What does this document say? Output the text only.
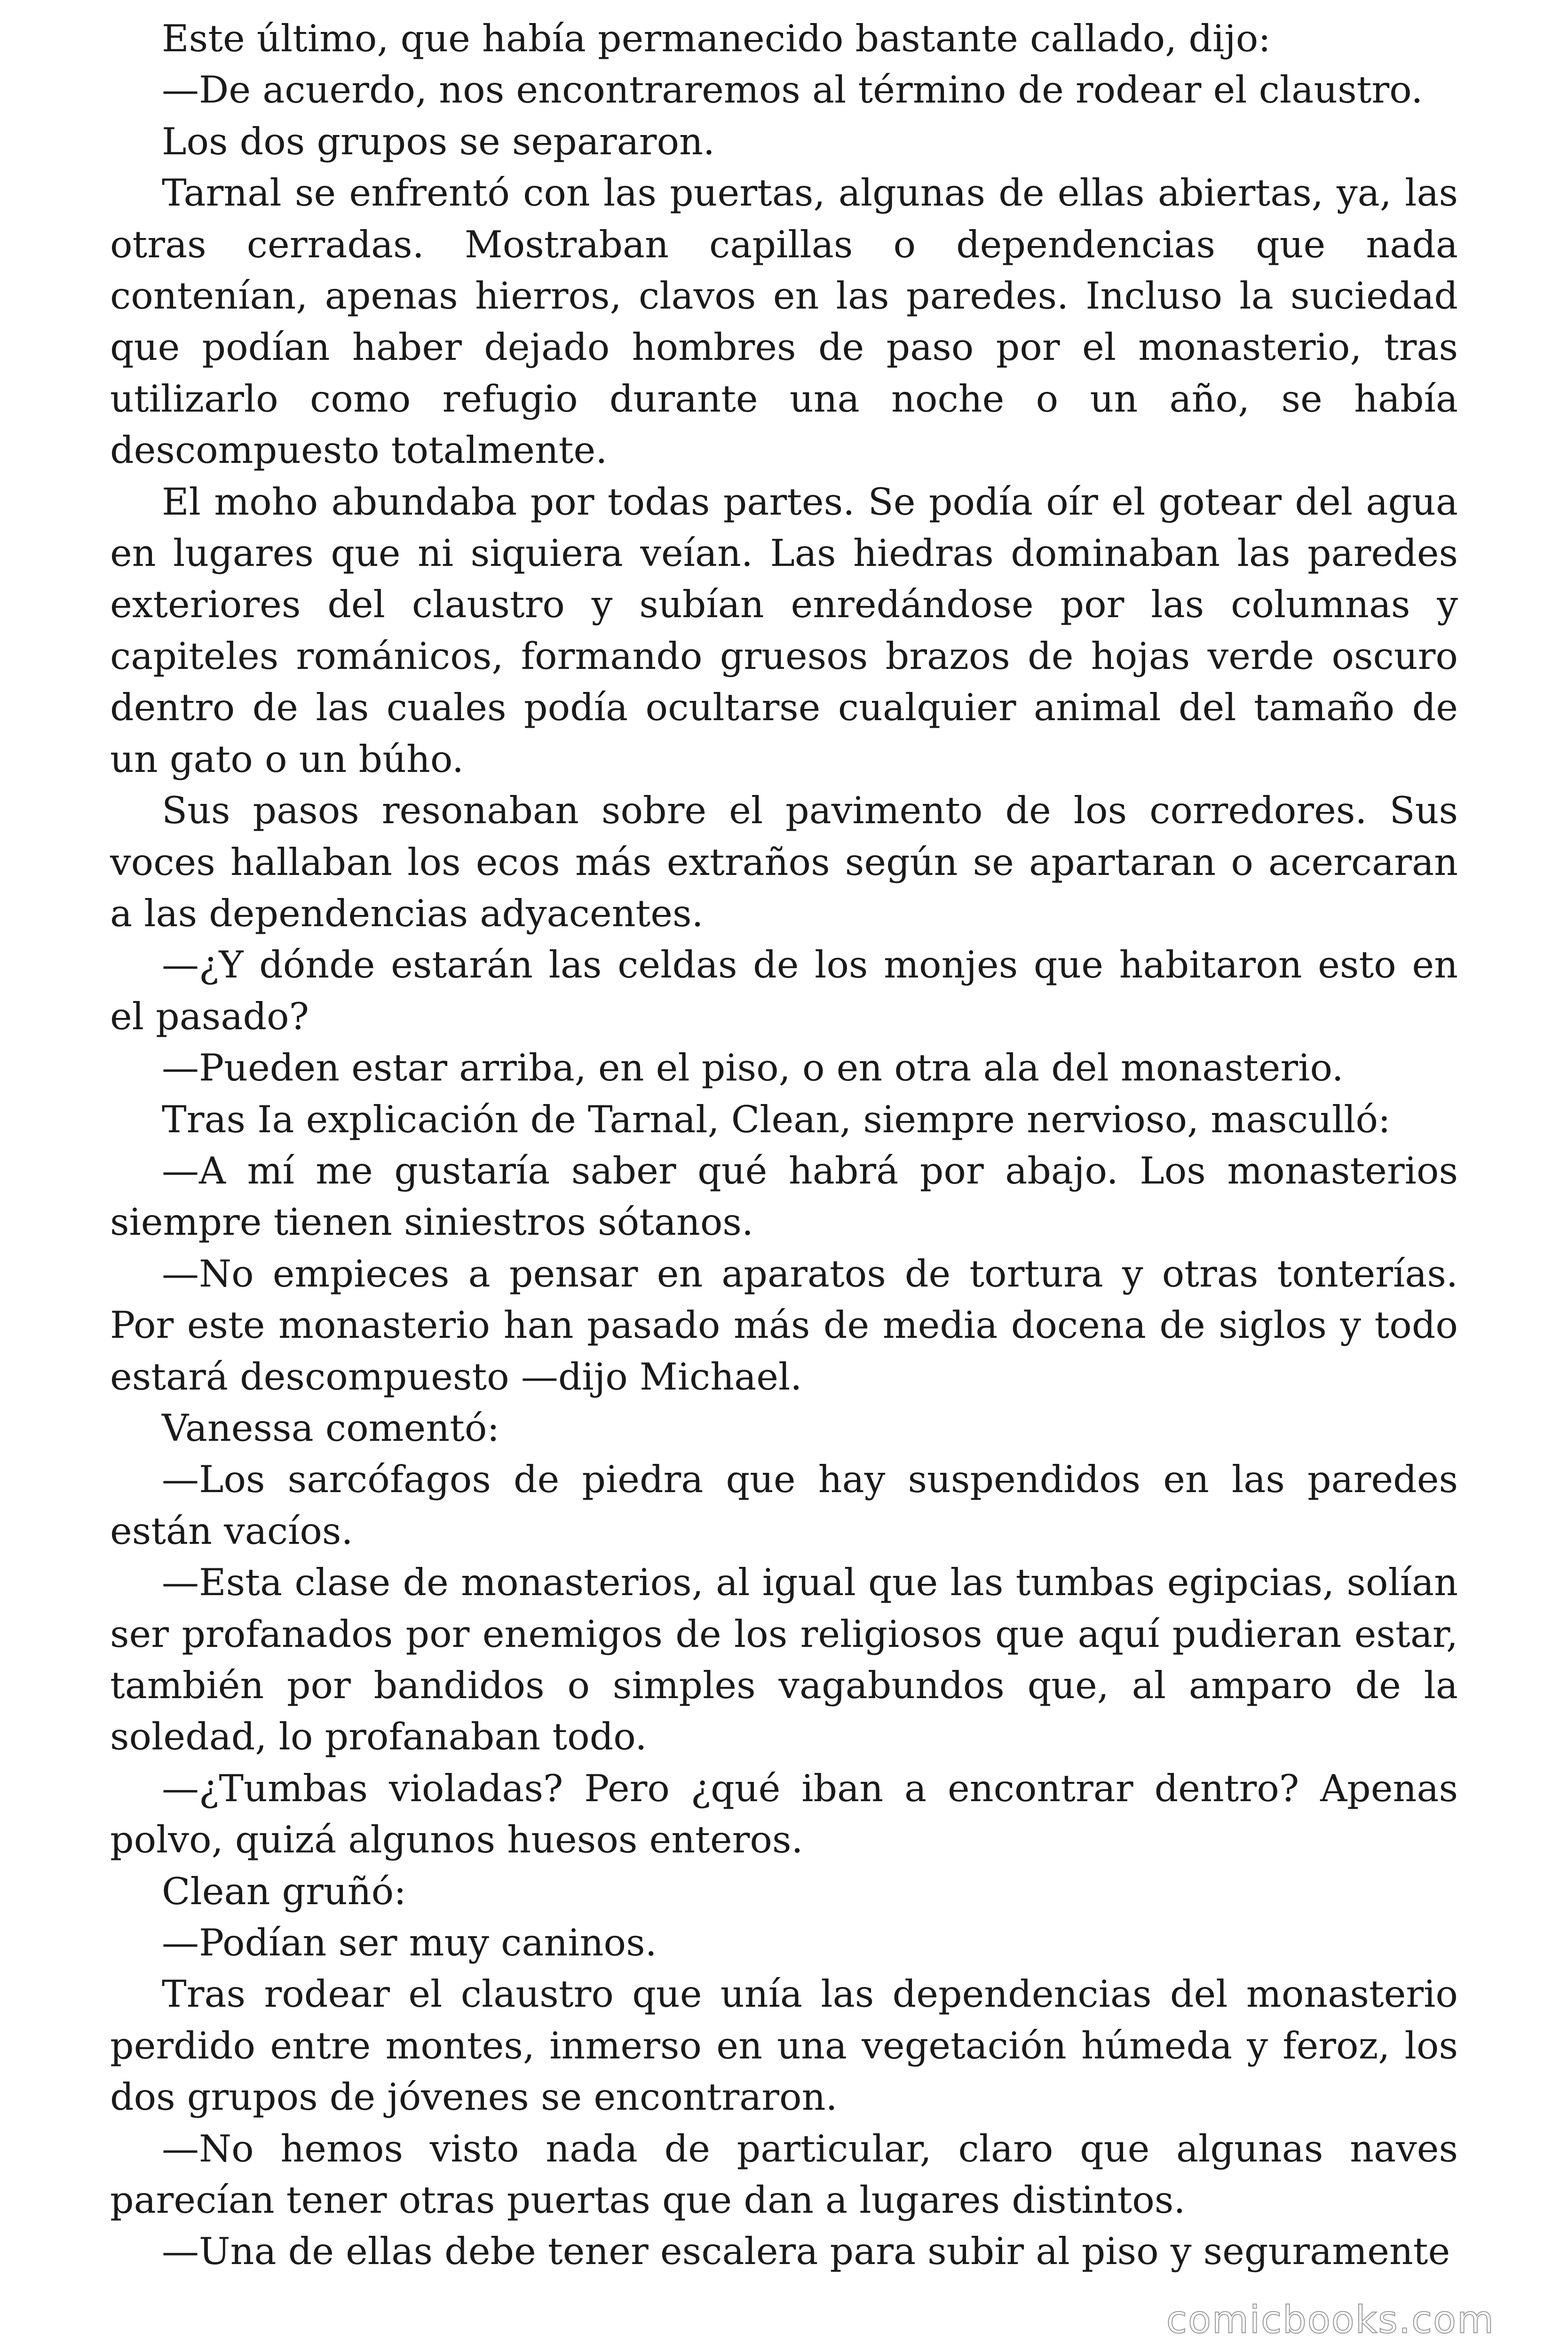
Este último, que había permanecido bastante callado, dijo:

—De acuerdo, nos encontraremos al término de rodear el claustro.

Los dos grupos se separaron.

Tarnal se enfrentó con las puertas, algunas de ellas abiertas, ya, las otras cerradas. Mostraban capillas o dependencias que nada contenían, apenas hierros, clavos en las paredes. Incluso la suciedad que podían haber dejado hombres de paso por el monasterio, tras utilizarlo como refugio durante una noche o un año, se había descompuesto totalmente.

El moho abundaba por todas partes. Se podía oír el gotear del agua en lugares que ni siquiera veían. Las hiedras dominaban las paredes exteriores del claustro y subían enredándose por las columnas y capiteles románicos, formando gruesos brazos de hojas verde oscuro dentro de las cuales podía ocultarse cualquier animal del tamaño de un gato o un búho.

Sus pasos resonaban sobre el pavimento de los corredores. Sus voces hallaban los ecos más extraños según se apartaran o acercaran a las dependencias adyacentes.

—¿Y dónde estarán las celdas de los monjes que habitaron esto en el pasado?

—Pueden estar arriba, en el piso, o en otra ala del monasterio.

Tras Ia explicación de Tarnal, Clean, siempre nervioso, masculló:

—A mí me gustaría saber qué habrá por abajo. Los monasterios siempre tienen siniestros sótanos.

—No empieces a pensar en aparatos de tortura y otras tonterías. Por este monasterio han pasado más de media docena de siglos y todo estará descompuesto —dijo Michael.

Vanessa comentó:

—Los sarcófagos de piedra que hay suspendidos en las paredes están vacíos.

—Esta clase de monasterios, al igual que las tumbas egipcias, solían ser profanados por enemigos de los religiosos que aquí pudieran estar, también por bandidos o simples vagabundos que, al amparo de la soledad, lo profanaban todo.

—¿Tumbas violadas? Pero ¿qué iban a encontrar dentro? Apenas polvo, quizá algunos huesos enteros.

Clean gruñó:

—Podían ser muy caninos.

Tras rodear el claustro que unía las dependencias del monasterio perdido entre montes, inmerso en una vegetación húmeda y feroz, los dos grupos de jóvenes se encontraron.

—No hemos visto nada de particular, claro que algunas naves parecían tener otras puertas que dan a lugares distintos.

—Una de ellas debe tener escalera para subir al piso y seguramente

comicbooks.com
